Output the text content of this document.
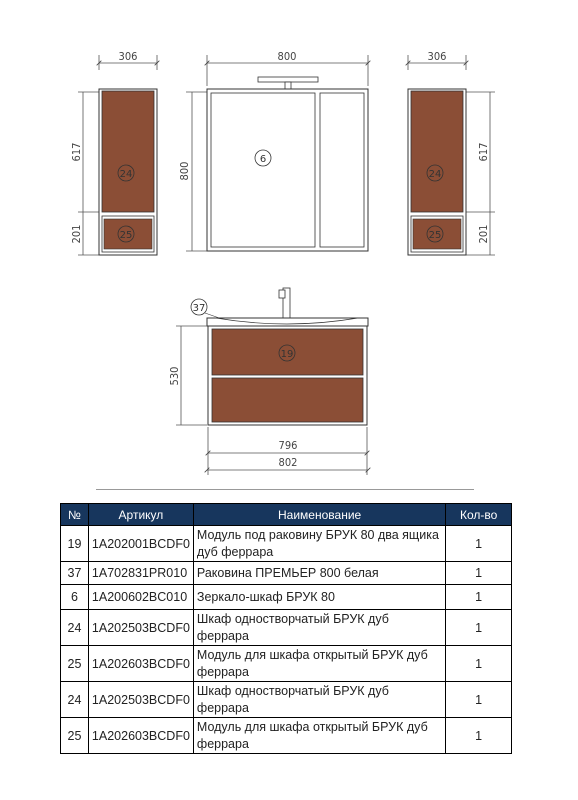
306
617
201
24
25
800
800
6
306
617
201
24
25
37
19
530
796
802
№	Артикул	Наименование	Кол-во
19	1A202001BCDF0	Модуль под раковину БРУК 80 два ящика дуб феррара	1
37	1A702831PR010	Раковина ПРЕМЬЕР 800 белая	1
6	1A200602BC010	Зеркало-шкаф БРУК 80	1
24	1A202503BCDF0	Шкаф одностворчатый БРУК дуб феррара	1
25	1A202603BCDF0	Модуль для шкафа открытый БРУК дуб феррара	1
24	1A202503BCDF0	Шкаф одностворчатый БРУК дуб феррара	1
25	1A202603BCDF0	Модуль для шкафа открытый БРУК дуб феррара	1
